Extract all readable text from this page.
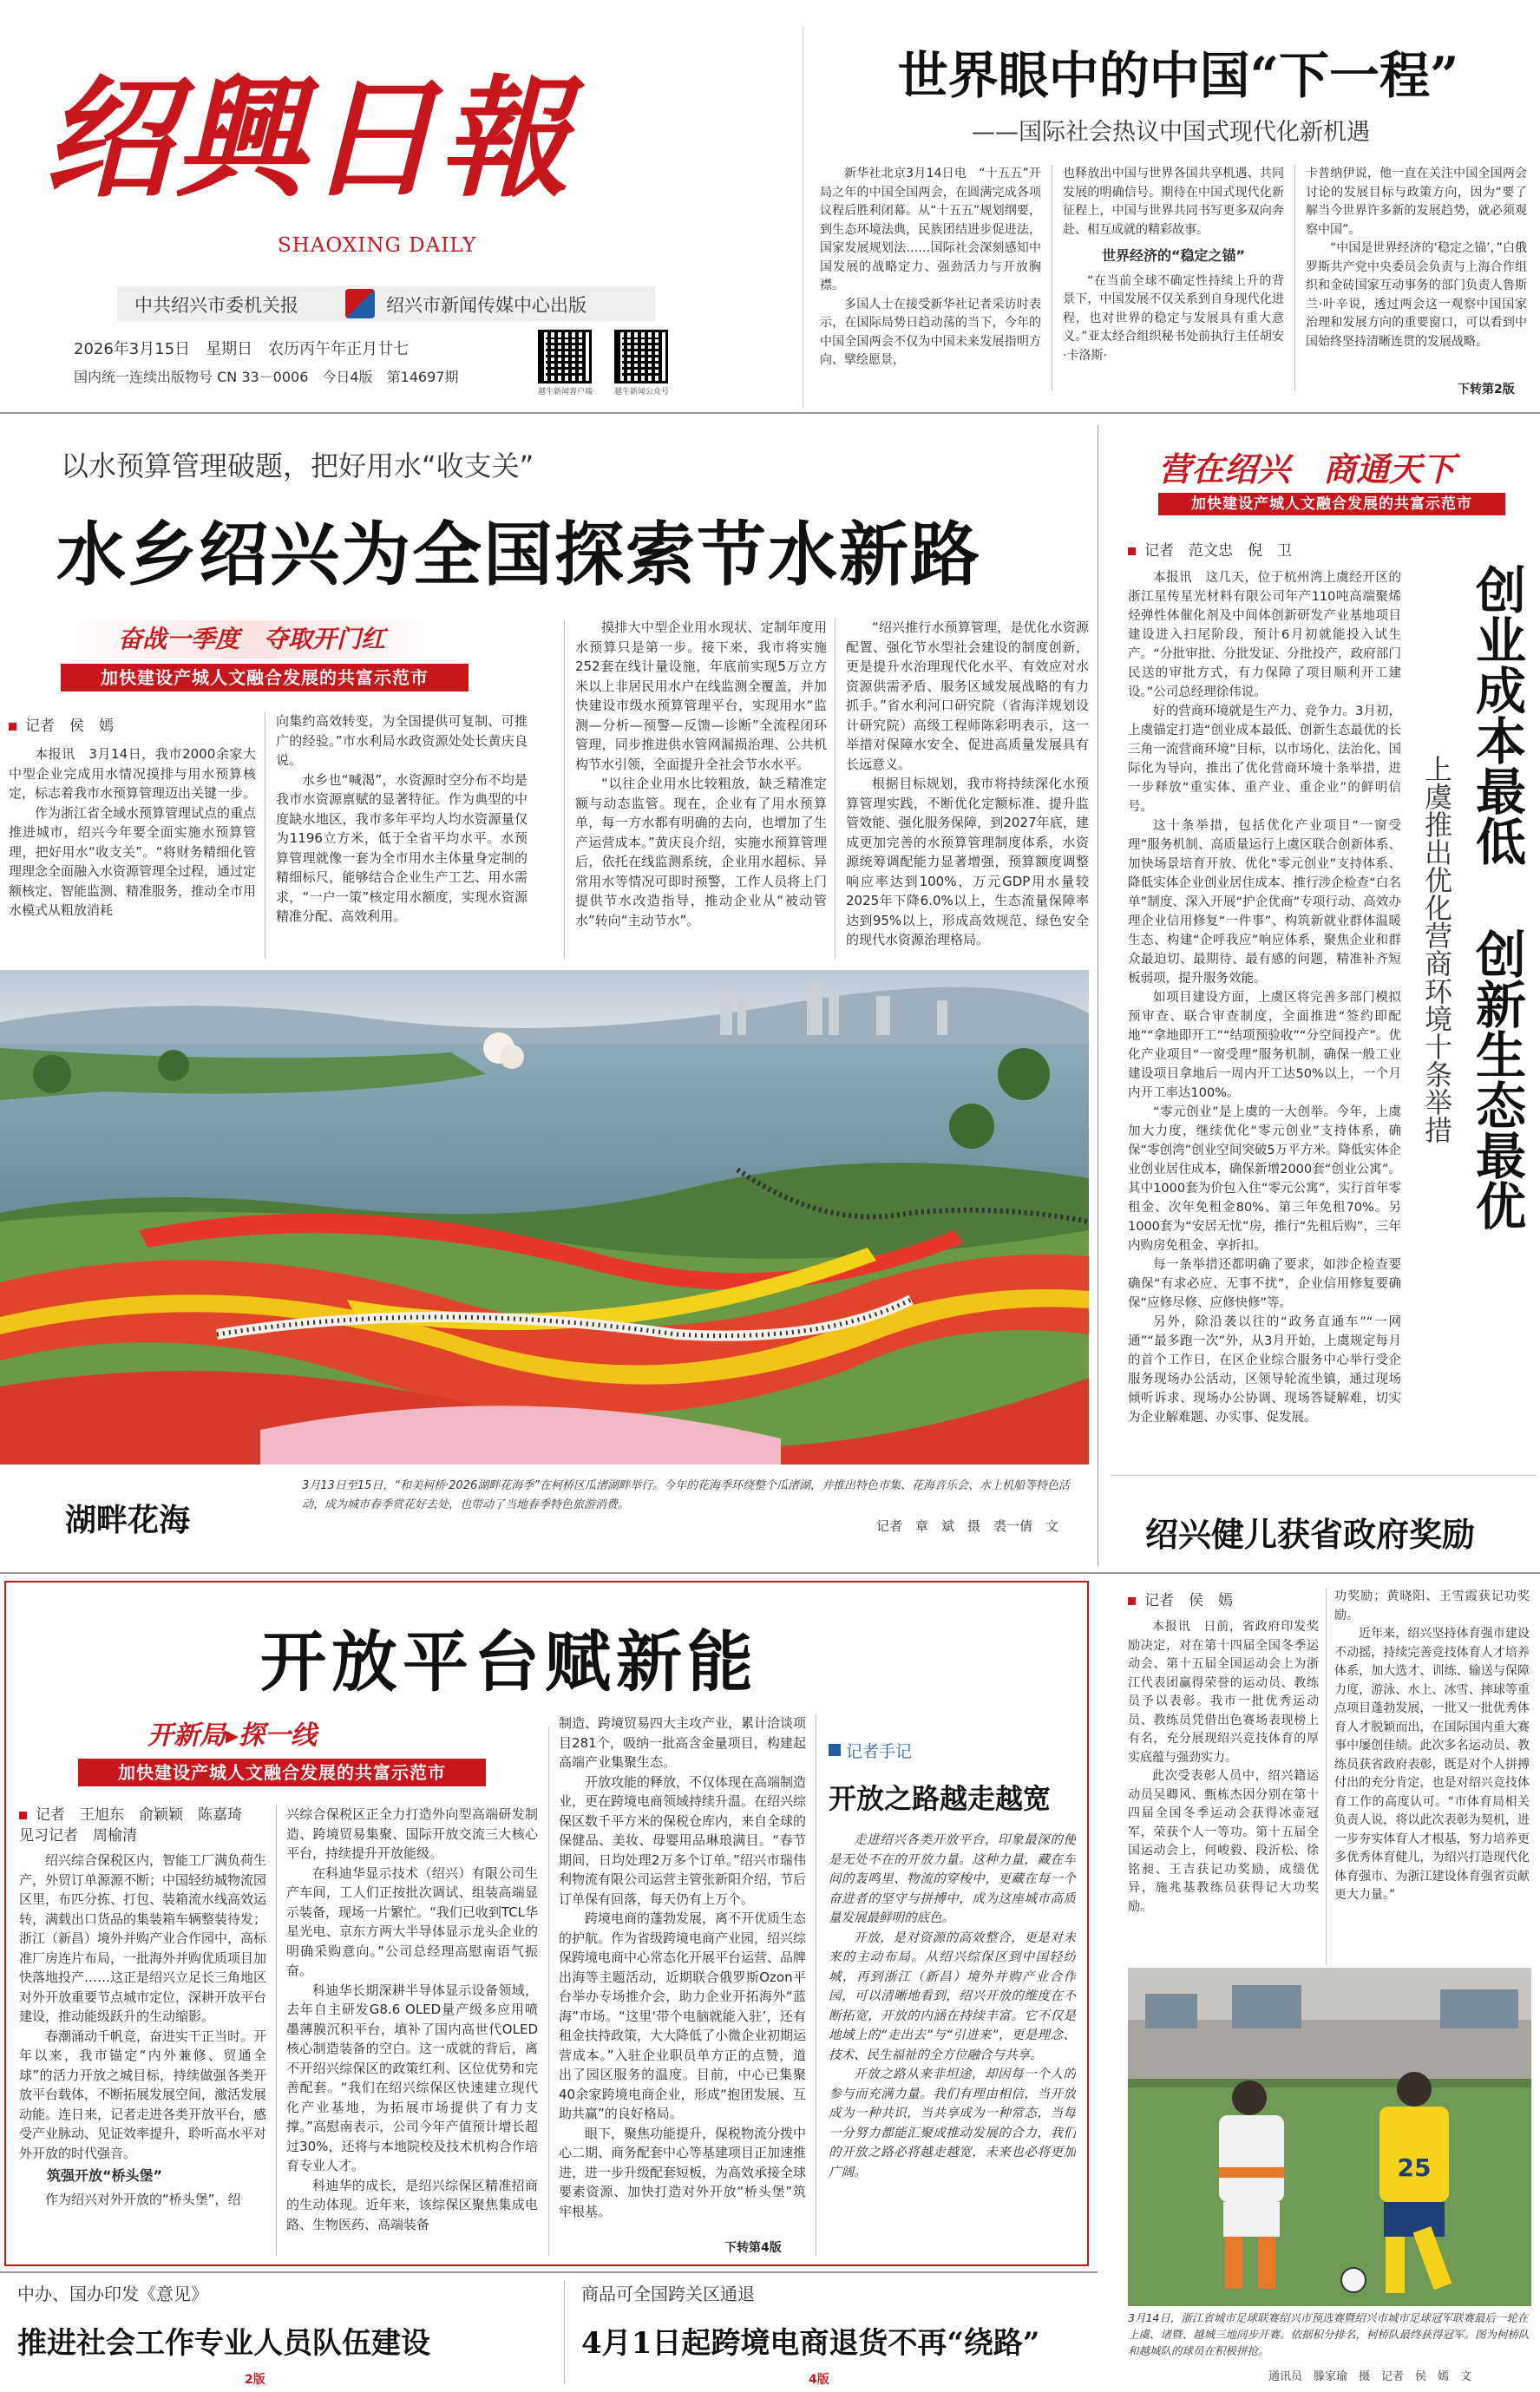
绍興日報
SHAOXING DAILY
中共绍兴市委机关报	绍兴市新闻传媒中心出版
2026年3月15日　星期日　农历丙午年正月廿七
国内统一连续出版物号 CN 33－0006　今日4版　第14697期
越牛新闻客户端	越牛新闻公众号
世界眼中的中国“下一程”
——国际社会热议中国式现代化新机遇

新华社北京3月14日电　“十五五”开局之年的中国全国两会，在圆满完成各项议程后胜利闭幕。从“十五五”规划纲要，到生态环境法典，民族团结进步促进法，国家发展规划法……国际社会深刻感知中国发展的战略定力、强劲活力与开放胸襟。

多国人士在接受新华社记者采访时表示，在国际局势日趋动荡的当下，今年的中国全国两会不仅为中国未来发展指明方向、擘绘愿景，

也释放出中国与世界各国共享机遇、共同发展的明确信号。期待在中国式现代化新征程上，中国与世界共同书写更多双向奔赴、相互成就的精彩故事。

世界经济的“稳定之锚”

“在当前全球不确定性持续上升的背景下，中国发展不仅关系到自身现代化进程，也对世界的稳定与发展具有重大意义。”亚太经合组织秘书处前执行主任胡安·卡洛斯·

卡普纳伊说，他一直在关注中国全国两会讨论的发展目标与政策方向，因为“要了解当今世界许多新的发展趋势，就必须观察中国”。

“中国是世界经济的‘稳定之锚’，”白俄罗斯共产党中央委员会负责与上海合作组织和金砖国家互动事务的部门负责人鲁斯兰·叶辛说，透过两会这一观察中国国家治理和发展方向的重要窗口，可以看到中国始终坚持清晰连贯的发展战略。

下转第2版
以水预算管理破题，把好用水“收支关”
水乡绍兴为全国探索节水新路
奋战一季度　夺取开门红
加快建设产城人文融合发展的共富示范市
记者　侯　嫣

本报讯　3月14日，我市2000余家大中型企业完成用水情况摸排与用水预算核定，标志着我市水预算管理迈出关键一步。

作为浙江省全域水预算管理试点的重点推进城市，绍兴今年要全面实施水预算管理，把好用水“收支关”。“将财务精细化管理理念全面融入水资源管理全过程，通过定额核定、智能监测、精准服务，推动全市用水模式从粗放消耗

向集约高效转变，为全国提供可复制、可推广的经验。”市水利局水政资源处处长黄庆良说。

水乡也“喊渴”，水资源时空分布不均是我市水资源禀赋的显著特征。作为典型的中度缺水地区，我市多年平均人均水资源量仅为1196立方米，低于全省平均水平。水预算管理就像一套为全市用水主体量身定制的精细标尺，能够结合企业生产工艺、用水需求，“一户一策”核定用水额度，实现水资源精准分配、高效利用。

摸排大中型企业用水现状、定制年度用水预算只是第一步。接下来，我市将实施252套在线计量设施，年底前实现5万立方米以上非居民用水户在线监测全覆盖，并加快建设市级水预算管理平台，实现用水“监测—分析—预警—反馈—诊断”全流程闭环管理，同步推进供水管网漏损治理、公共机构节水引领，全面提升全社会节水水平。

“以往企业用水比较粗放，缺乏精准定额与动态监管。现在，企业有了用水预算单，每一方水都有明确的去向，也增加了生产运营成本。”黄庆良介绍，实施水预算管理后，依托在线监测系统，企业用水超标、异常用水等情况可即时预警，工作人员将上门提供节水改造指导，推动企业从“被动管水”转向“主动节水”。

“绍兴推行水预算管理，是优化水资源配置、强化节水型社会建设的制度创新，更是提升水治理现代化水平、有效应对水资源供需矛盾、服务区域发展战略的有力抓手。”省水利河口研究院（省海洋规划设计研究院）高级工程师陈彩明表示，这一举措对保障水安全、促进高质量发展具有长远意义。

根据目标规划，我市将持续深化水预算管理实践，不断优化定额标准、提升监管效能、强化服务保障，到2027年底，建成更加完善的水预算管理制度体系，水资源统筹调配能力显著增强，预算额度调整响应率达到100%，万元GDP用水量较2025年下降6.0%以上，生态流量保障率达到95%以上，形成高效规范、绿色安全的现代水资源治理格局。

湖畔花海
3月13日至15日，“和美柯桥·2026湖畔花海季”在柯桥区瓜渚湖畔举行。今年的花海季环绕整个瓜渚湖，并推出特色市集、花海音乐会、水上机船等特色活动，成为城市春季赏花好去处，也带动了当地春季特色旅游消费。
记者　章　斌　摄　裘一倩　文
营在绍兴　商通天下
加快建设产城人文融合发展的共富示范市
记者　范文忠　倪　卫

本报讯　这几天，位于杭州湾上虞经开区的浙江星传星光材料有限公司年产110吨高端聚烯烃弹性体催化剂及中间体创新研发产业基地项目建设进入扫尾阶段，预计6月初就能投入试生产。“分批审批、分批发证、分批投产，政府部门民送的审批方式，有力保障了项目顺利开工建设。”公司总经理徐伟说。

好的营商环境就是生产力、竞争力。3月初，上虞锚定打造“创业成本最低、创新生态最优的长三角一流营商环境”目标，以市场化、法治化、国际化为导向，推出了优化营商环境十条举措，进一步释放“重实体、重产业、重企业”的鲜明信号。

这十条举措，包括优化产业项目“一窗受理”服务机制、高质量运行上虞区联合创新体系、加快场景培育开放、优化“零元创业”支持体系、降低实体企业创业居住成本、推行涉企检查“白名单”制度、深入开展“护企优商”专项行动、高效办理企业信用修复“一件事”、构筑新就业群体温暖生态、构建“企呼我应”响应体系，聚焦企业和群众最迫切、最期待、最有感的问题，精准补齐短板弱项，提升服务效能。

如项目建设方面，上虞区将完善多部门模拟预审查、联合审查制度，全面推进“签约即配地”“拿地即开工”“结项预验收”“分空间投产”。优化产业项目“一窗受理”服务机制，确保一般工业建设项目拿地后一周内开工达50%以上，一个月内开工率达100%。

“零元创业”是上虞的一大创举。今年，上虞加大力度，继续优化“零元创业”支持体系，确保“零创湾”创业空间突破5万平方米。降低实体企业创业居住成本，确保新增2000套“创业公寓”。其中1000套为价包入住“零元公寓”，实行首年零租金、次年免租金80%、第三年免租70%。另1000套为“安居无忧”房，推行“先租后购”，三年内购房免租金、享折扣。

每一条举措还都明确了要求，如涉企检查要确保“有求必应、无事不扰”，企业信用修复要确保“应修尽修、应修快修”等。

另外，除沿袭以往的“政务直通车”“一网通”“最多跑一次”外，从3月开始，上虞规定每月的首个工作日，在区企业综合服务中心举行受企服务现场办公活动，区领导轮流坐镇，通过现场倾听诉求、现场办公协调、现场答疑解难，切实为企业解难题、办实事、促发展。

创业成本最低
创新生态最优
上虞推出优化营商环境十条举措
绍兴健儿获省政府奖励
开放平台赋新能
开新局▸探一线
加快建设产城人文融合发展的共富示范市
记者　王旭东　俞颖颖　陈嘉琦
见习记者　周榆清

绍兴综合保税区内，智能工厂满负荷生产，外贸订单源源不断；中国轻纺城物流园区里，布匹分拣、打包、装箱流水线高效运转，满载出口货品的集装箱车辆整装待发；浙江（新昌）境外并购产业合作园中，高标准厂房连片布局，一批海外并购优质项目加快落地投产……这正是绍兴立足长三角地区对外开放重要节点城市定位，深耕开放平台建设，推动能级跃升的生动缩影。

春潮涌动千帆竞，奋进实干正当时。开年以来，我市锚定“内外兼修、贸通全球”的活力开放之城目标，持续做强各类开放平台载体，不断拓展发展空间，激活发展动能。连日来，记者走进各类开放平台，感受产业脉动、见证效率提升，聆听高水平对外开放的时代强音。

筑强开放“桥头堡”

作为绍兴对外开放的“桥头堡”，绍

兴综合保税区正全力打造外向型高端研发制造、跨境贸易集聚、国际开放交流三大核心平台，持续提升开放能级。

在科迪华显示技术（绍兴）有限公司生产车间，工人们正按批次调试、组装高端显示装备，现场一片繁忙。“我们已收到TCL华星光电、京东方两大半导体显示龙头企业的明确采购意向。”公司总经理高慰南语气振奋。

科迪华长期深耕半导体显示设备领域，去年自主研发G8.6 OLED量产级多应用喷墨薄膜沉积平台，填补了国内高世代OLED核心制造装备的空白。这一成就的背后，离不开绍兴综保区的政策红利、区位优势和完善配套。“我们在绍兴综保区快速建立现代化产业基地，为拓展市场提供了有力支撑。”高慰南表示，公司今年产值预计增长超过30%，还将与本地院校及技术机构合作培育专业人才。

科迪华的成长，是绍兴综保区精准招商的生动体现。近年来，该综保区聚焦集成电路、生物医药、高端装备

制造、跨境贸易四大主攻产业，累计洽谈项目281个，吸纳一批高含金量项目，构建起高端产业集聚生态。

开放攻能的释放，不仅体现在高端制造业，更在跨境电商领域持续升温。在绍兴综保区数千平方米的保税仓库内，来自全球的保健品、美妆、母婴用品琳琅满目。“春节期间，日均处理2万多个订单。”绍兴市瑞伟利物流有限公司运营主管张新阳介绍，节后订单保有回落，每天仍有上万个。

跨境电商的蓬勃发展，离不开优质生态的护航。作为省级跨境电商产业园，绍兴综保跨境电商中心常态化开展平台运营、品牌出海等主题活动，近期联合俄罗斯Ozon平台举办专场推介会，助力企业开拓海外“蓝海”市场。“这里‘带个电脑就能入驻’，还有租金扶持政策，大大降低了小微企业初期运营成本。”入驻企业职员单方正的点赞，道出了园区服务的温度。目前，中心已集聚40余家跨境电商企业，形成“抱团发展、互助共赢”的良好格局。

眼下，聚焦功能提升，保税物流分拨中心二期、商务配套中心等基建项目正加速推进，进一步升级配套短板，为高效承接全球要素资源、加快打造对外开放“桥头堡”筑牢根基。

下转第4版
记者手记
开放之路越走越宽

走进绍兴各类开放平台，印象最深的便是无处不在的开放力量。这种力量，藏在车间的轰鸣里、物流的穿梭中，更藏在每一个奋进者的坚守与拼搏中，成为这座城市高质量发展最鲜明的底色。

开放，是对资源的高效整合，更是对未来的主动布局。从绍兴综保区到中国轻纺城，再到浙江（新昌）境外并购产业合作园，可以清晰地看到，绍兴开放的维度在不断拓宽，开放的内涵在持续丰富。它不仅是地域上的“走出去”与“引进来”，更是理念、技术、民生福祉的全方位融合与共享。

开放之路从来非坦途，却因每一个人的参与而充满力量。我们有理由相信，当开放成为一种共识，当共享成为一种常态，当每一分努力都能汇聚成推动发展的合力，我们的开放之路必将越走越宽，未来也必将更加广阔。

记者　侯　嫣

本报讯　日前，省政府印发奖励决定，对在第十四届全国冬季运动会、第十五届全国运动会上为浙江代表团赢得荣誉的运动员、教练员予以表彰。我市一批优秀运动员、教练员凭借出色赛场表现榜上有名，充分展现绍兴竞技体育的厚实底蕴与强劲实力。

此次受表彰人员中，绍兴籍运动员吴卿风、甄栋杰因分别在第十四届全国冬季运动会获得冰壶冠军，荣获个人一等功。第十五届全国运动会上，何峻毅、段沂松、徐铭昶、王吉获记功奖励，成绩优异，施兆基教练员获得记大功奖励。

功奖励；黄晓阳、王雪霞获记功奖励。

近年来，绍兴坚持体育强市建设不动摇，持续完善竞技体育人才培养体系，加大选才、训练、输送与保障力度，游泳、水上、冰雪、摔球等重点项目蓬勃发展，一批又一批优秀体育人才脱颖而出，在国际国内重大赛事中屡创佳绩。此次多名运动员、教练员获省政府表彰，既是对个人拼搏付出的充分肯定，也是对绍兴竞技体育工作的高度认可。“市体育局相关负责人说，将以此次表彰为契机，进一步夯实体育人才根基，努力培养更多优秀体育健儿，为绍兴打造现代化体育强市、为浙江建设体育强省贡献更大力量。”

25
3月14日，浙江省城市足球联赛绍兴市预选赛暨绍兴市城市足球冠军联赛最后一轮在上虞、诸暨、越城三地同步开赛。依据积分排名，柯桥队最终获得冠军。图为柯桥队和越城队的球员在积极拼抢。
通讯员　滕家瑜　摄　记者　侯　嫣　文
中办、国办印发《意见》
推进社会工作专业人员队伍建设
2版
商品可全国跨关区通退
4月1日起跨境电商退货不再“绕路”
4版
